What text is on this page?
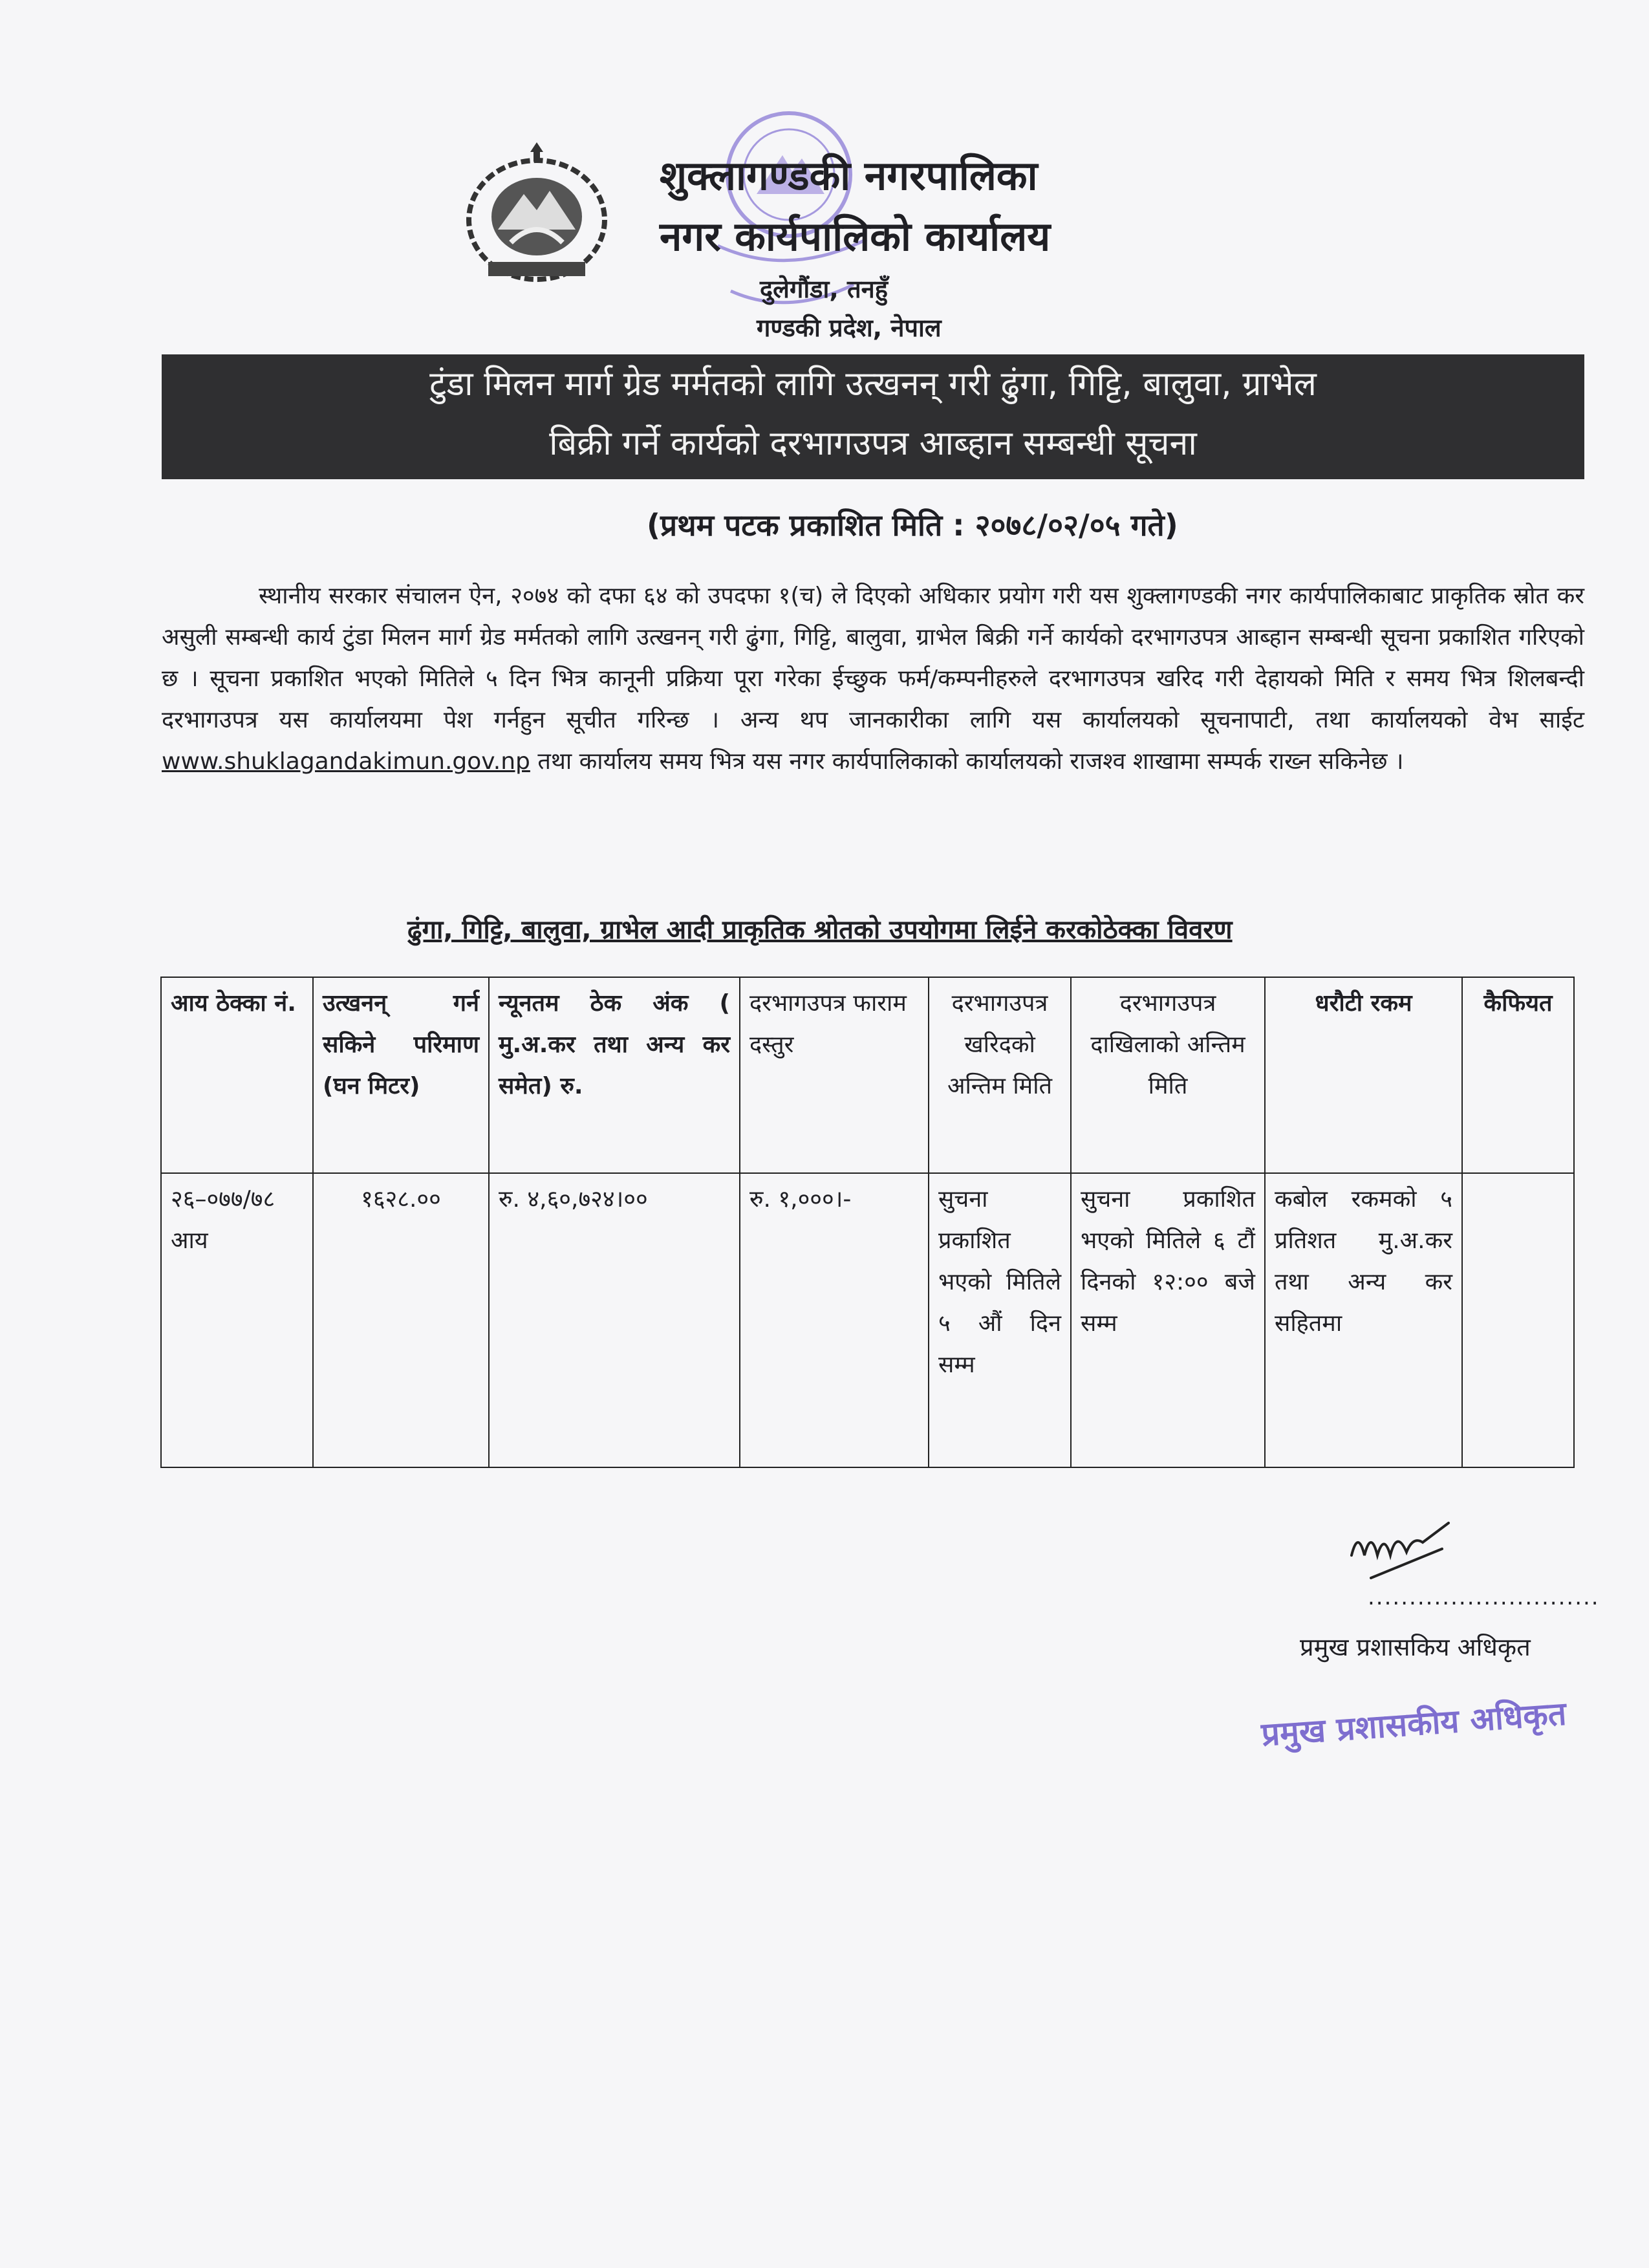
शुक्लागण्डकी नगरपालिका
नगर कार्यपालिको कार्यालय
दुलेगौंडा, तनहुँ
गण्डकी प्रदेश, नेपाल
टुंडा मिलन मार्ग ग्रेड मर्मतको लागि उत्खनन् गरी ढुंगा, गिट्टि, बालुवा, ग्राभेल
बिक्री गर्ने कार्यको दरभागउपत्र आब्हान सम्बन्धी सूचना
(प्रथम पटक प्रकाशित मिति : २०७८/०२/०५ गते)
स्थानीय सरकार संचालन ऐन, २०७४ को दफा ६४ को उपदफा १(च) ले दिएको अधिकार प्रयोग गरी यस शुक्लागण्डकी नगर कार्यपालिकाबाट प्राकृतिक स्रोत कर असुली सम्बन्धी कार्य टुंडा मिलन मार्ग ग्रेड मर्मतको लागि उत्खनन् गरी ढुंगा, गिट्टि, बालुवा, ग्राभेल बिक्री गर्ने कार्यको दरभागउपत्र आब्हान सम्बन्धी सूचना प्रकाशित गरिएको छ । सूचना प्रकाशित भएको मितिले ५ दिन भित्र कानूनी प्रक्रिया पूरा गरेका ईच्छुक फर्म/कम्पनीहरुले दरभागउपत्र खरिद गरी देहायको मिति र समय भित्र शिलबन्दी दरभागउपत्र यस कार्यालयमा पेश गर्नहुन सूचीत गरिन्छ । अन्य थप जानकारीका लागि यस कार्यालयको सूचनापाटी, तथा कार्यालयको वेभ साईट www.shuklagandakimun.gov.np तथा कार्यालय समय भित्र यस नगर कार्यपालिकाको कार्यालयको राजश्व शाखामा सम्पर्क राख्न सकिनेछ ।
ढुंगा, गिट्टि, बालुवा, ग्राभेल आदी प्राकृतिक श्रोतको उपयोगमा लिईने करकोठेक्का विवरण
आय ठेक्का नं.	उत्खनन् गर्न सकिने परिमाण (घन मिटर)	न्यूनतम ठेक अंक ( मु.अ.कर तथा अन्य कर समेत) रु.	दरभागउपत्र फाराम दस्तुर	दरभागउपत्र खरिदको अन्तिम मिति	दरभागउपत्र दाखिलाको अन्तिम मिति	धरौटी रकम	कैफियत
२६–०७७/७८ आय	१६२८.००	रु. ४,६०,७२४।००	रु. १,०००।-	सुचना प्रकाशित भएको मितिले ५ औं दिन सम्म	सुचना प्रकाशित भएको मितिले ६ टौं दिनको १२:०० बजे सम्म	कबोल रकमको ५ प्रतिशत मु.अ.कर तथा अन्य कर सहितमा	
............................
प्रमुख प्रशासकिय अधिकृत
प्रमुख प्रशासकीय अधिकृत
